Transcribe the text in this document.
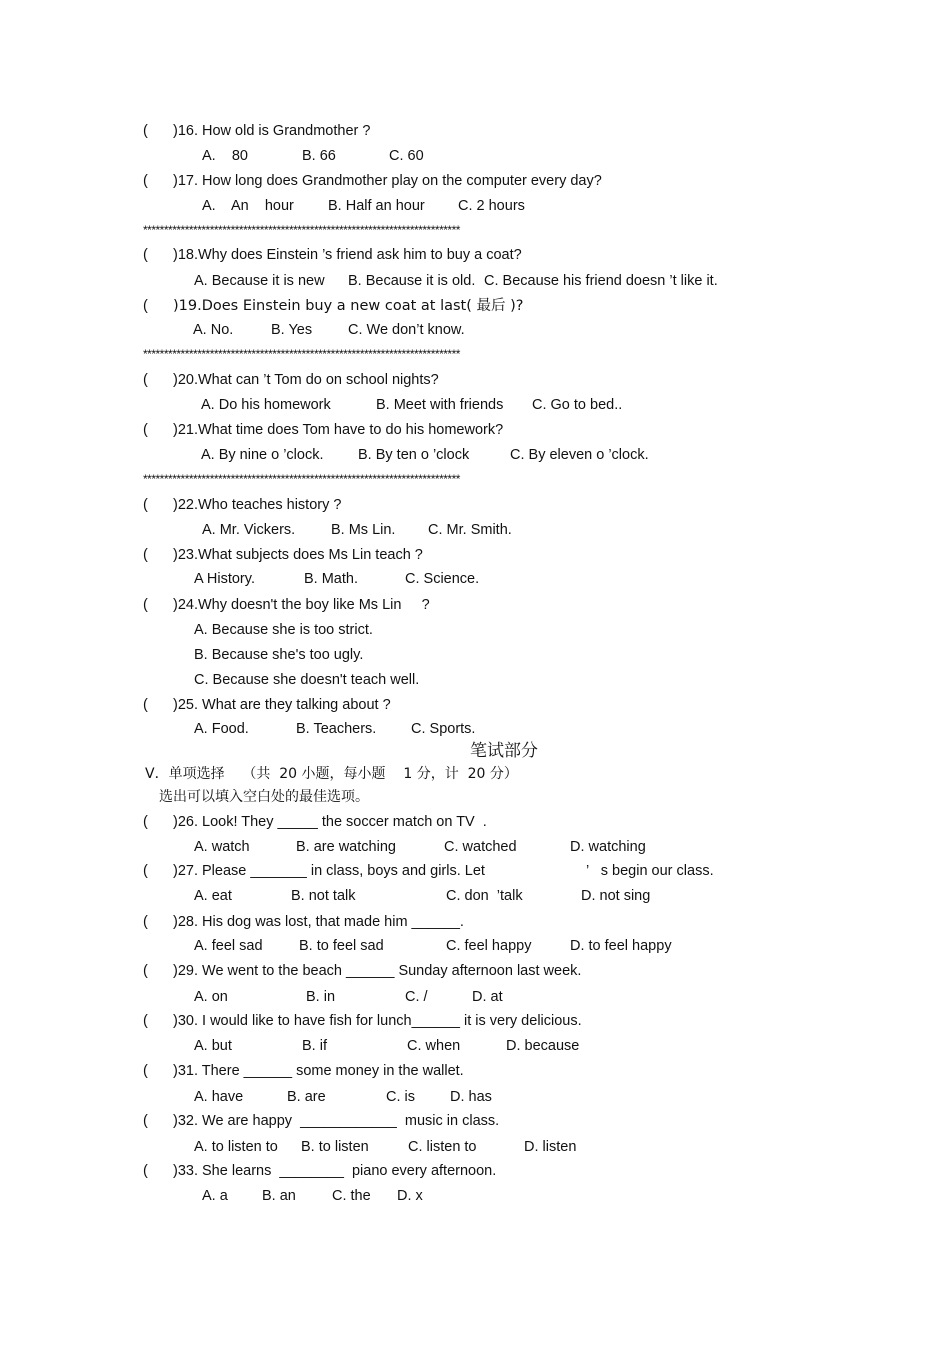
( )16. How old is Grandmother ?
A.    80	B. 66	C. 60
( )17. How long does Grandmother play on the computer every day?
A.    An    hour B. Half an hour C. 2 hours
****************************************************************************
( )18.Why does Einstein ’s friend ask him to buy a coat?
A. Because it is new B. Because it is old. C. Because his friend doesn ’t like it.
( )19.Does Einstein buy a new coat at last( 最后 )?
A. No.	B. Yes C. We don’t know.
****************************************************************************
( )20.What can ’t Tom do on school nights?
A. Do his homework	B. Meet with friends C. Go to bed..
( )21.What time does Tom have to do his homework?
A. By nine o ’clock. B. By ten o ’clock	C. By eleven o ’clock.
****************************************************************************
( )22.Who teaches history ?
A. Mr. Vickers. B. Ms Lin. C. Mr. Smith.
( )23.What subjects does Ms Lin teach ?
A History.	B. Math.	C. Science.
( )24.Why doesn't the boy like Ms Lin     ?
A. Because she is too strict.
B. Because she's too ugly.
C. Because she doesn't teach well.
( )25. What are they talking about ?
A. Food.	B. Teachers. C. Sports.
笔试部分
V．单项选择    （共  20 小题，每小题    1 分，计  20 分）
选出可以填入空白处的最佳选项。
( )26. Look! They _____ the soccer match on TV  .
A. watch	B. are watching	C. watched	D. watching
( )27. Please _______ in class, boys and girls. Let	’   s begin our class.
A. eat	B. not talk	C. don  ’talk	D. not sing
( )28. His dog was lost, that made him ______.
A. feel sad	B. to feel sad	C. feel happy	D. to feel happy
( )29. We went to the beach ______ Sunday afternoon last week.
A. on	B. in	C. /	D. at
( )30. I would like to have fish for lunch______ it is very delicious.
A. but	B. if	C. when	D. because
( )31. There ______ some money in the wallet.
A. have	B. are	C. is D. has
( )32. We are happy  ____________  music in class.
A. to listen to B. to listen	C. listen to	D. listen
( )33. She learns  ________  piano every afternoon.
A. a B. an C. the D. x
